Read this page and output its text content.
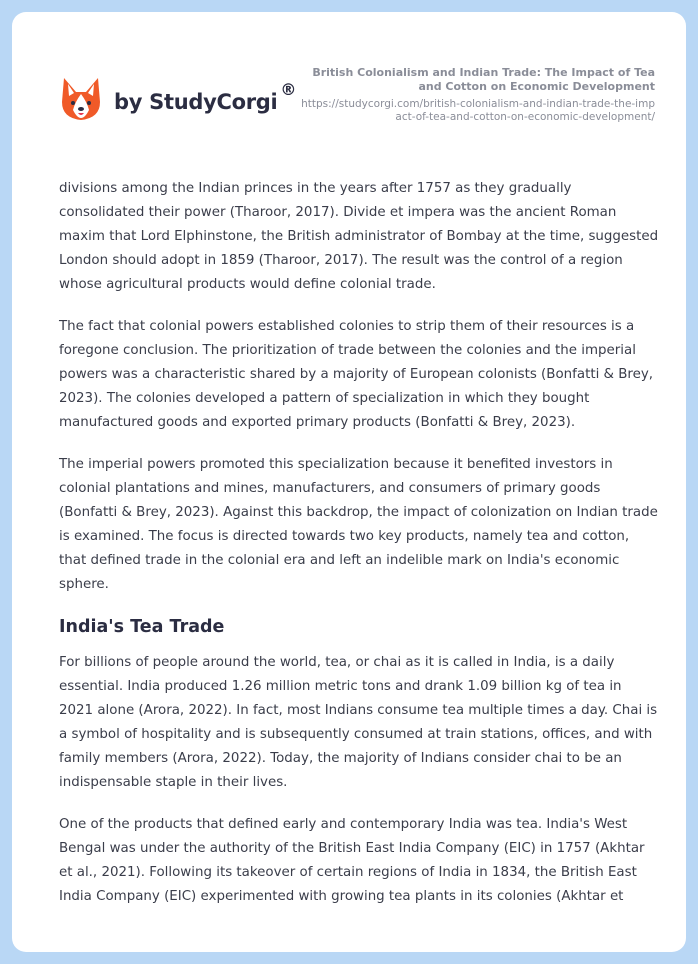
by StudyCorgi
®

British Colonialism and Indian Trade: The Impact of Tea and Cotton on Economic Development

https://studycorgi.com/british-colonialism-and-indian-trade-the-impact-of-tea-and-cotton-on-economic-development/

divisions among the Indian princes in the years after 1757 as they gradually consolidated their power (Tharoor, 2017). Divide et impera was the ancient Roman maxim that Lord Elphinstone, the British administrator of Bombay at the time, suggested London should adopt in 1859 (Tharoor, 2017). The result was the control of a region whose agricultural products would define colonial trade.

The fact that colonial powers established colonies to strip them of their resources is a foregone conclusion. The prioritization of trade between the colonies and the imperial powers was a characteristic shared by a majority of European colonists (Bonfatti & Brey, 2023). The colonies developed a pattern of specialization in which they bought manufactured goods and exported primary products (Bonfatti & Brey, 2023).

The imperial powers promoted this specialization because it benefited investors in colonial plantations and mines, manufacturers, and consumers of primary goods (Bonfatti & Brey, 2023). Against this backdrop, the impact of colonization on Indian trade is examined. The focus is directed towards two key products, namely tea and cotton, that defined trade in the colonial era and left an indelible mark on India's economic sphere.

India's Tea Trade

For billions of people around the world, tea, or chai as it is called in India, is a daily essential. India produced 1.26 million metric tons and drank 1.09 billion kg of tea in 2021 alone (Arora, 2022). In fact, most Indians consume tea multiple times a day. Chai is a symbol of hospitality and is subsequently consumed at train stations, offices, and with family members (Arora, 2022). Today, the majority of Indians consider chai to be an indispensable staple in their lives.

One of the products that defined early and contemporary India was tea. India's West Bengal was under the authority of the British East India Company (EIC) in 1757 (Akhtar et al., 2021). Following its takeover of certain regions of India in 1834, the British East India Company (EIC) experimented with growing tea plants in its colonies (Akhtar et
